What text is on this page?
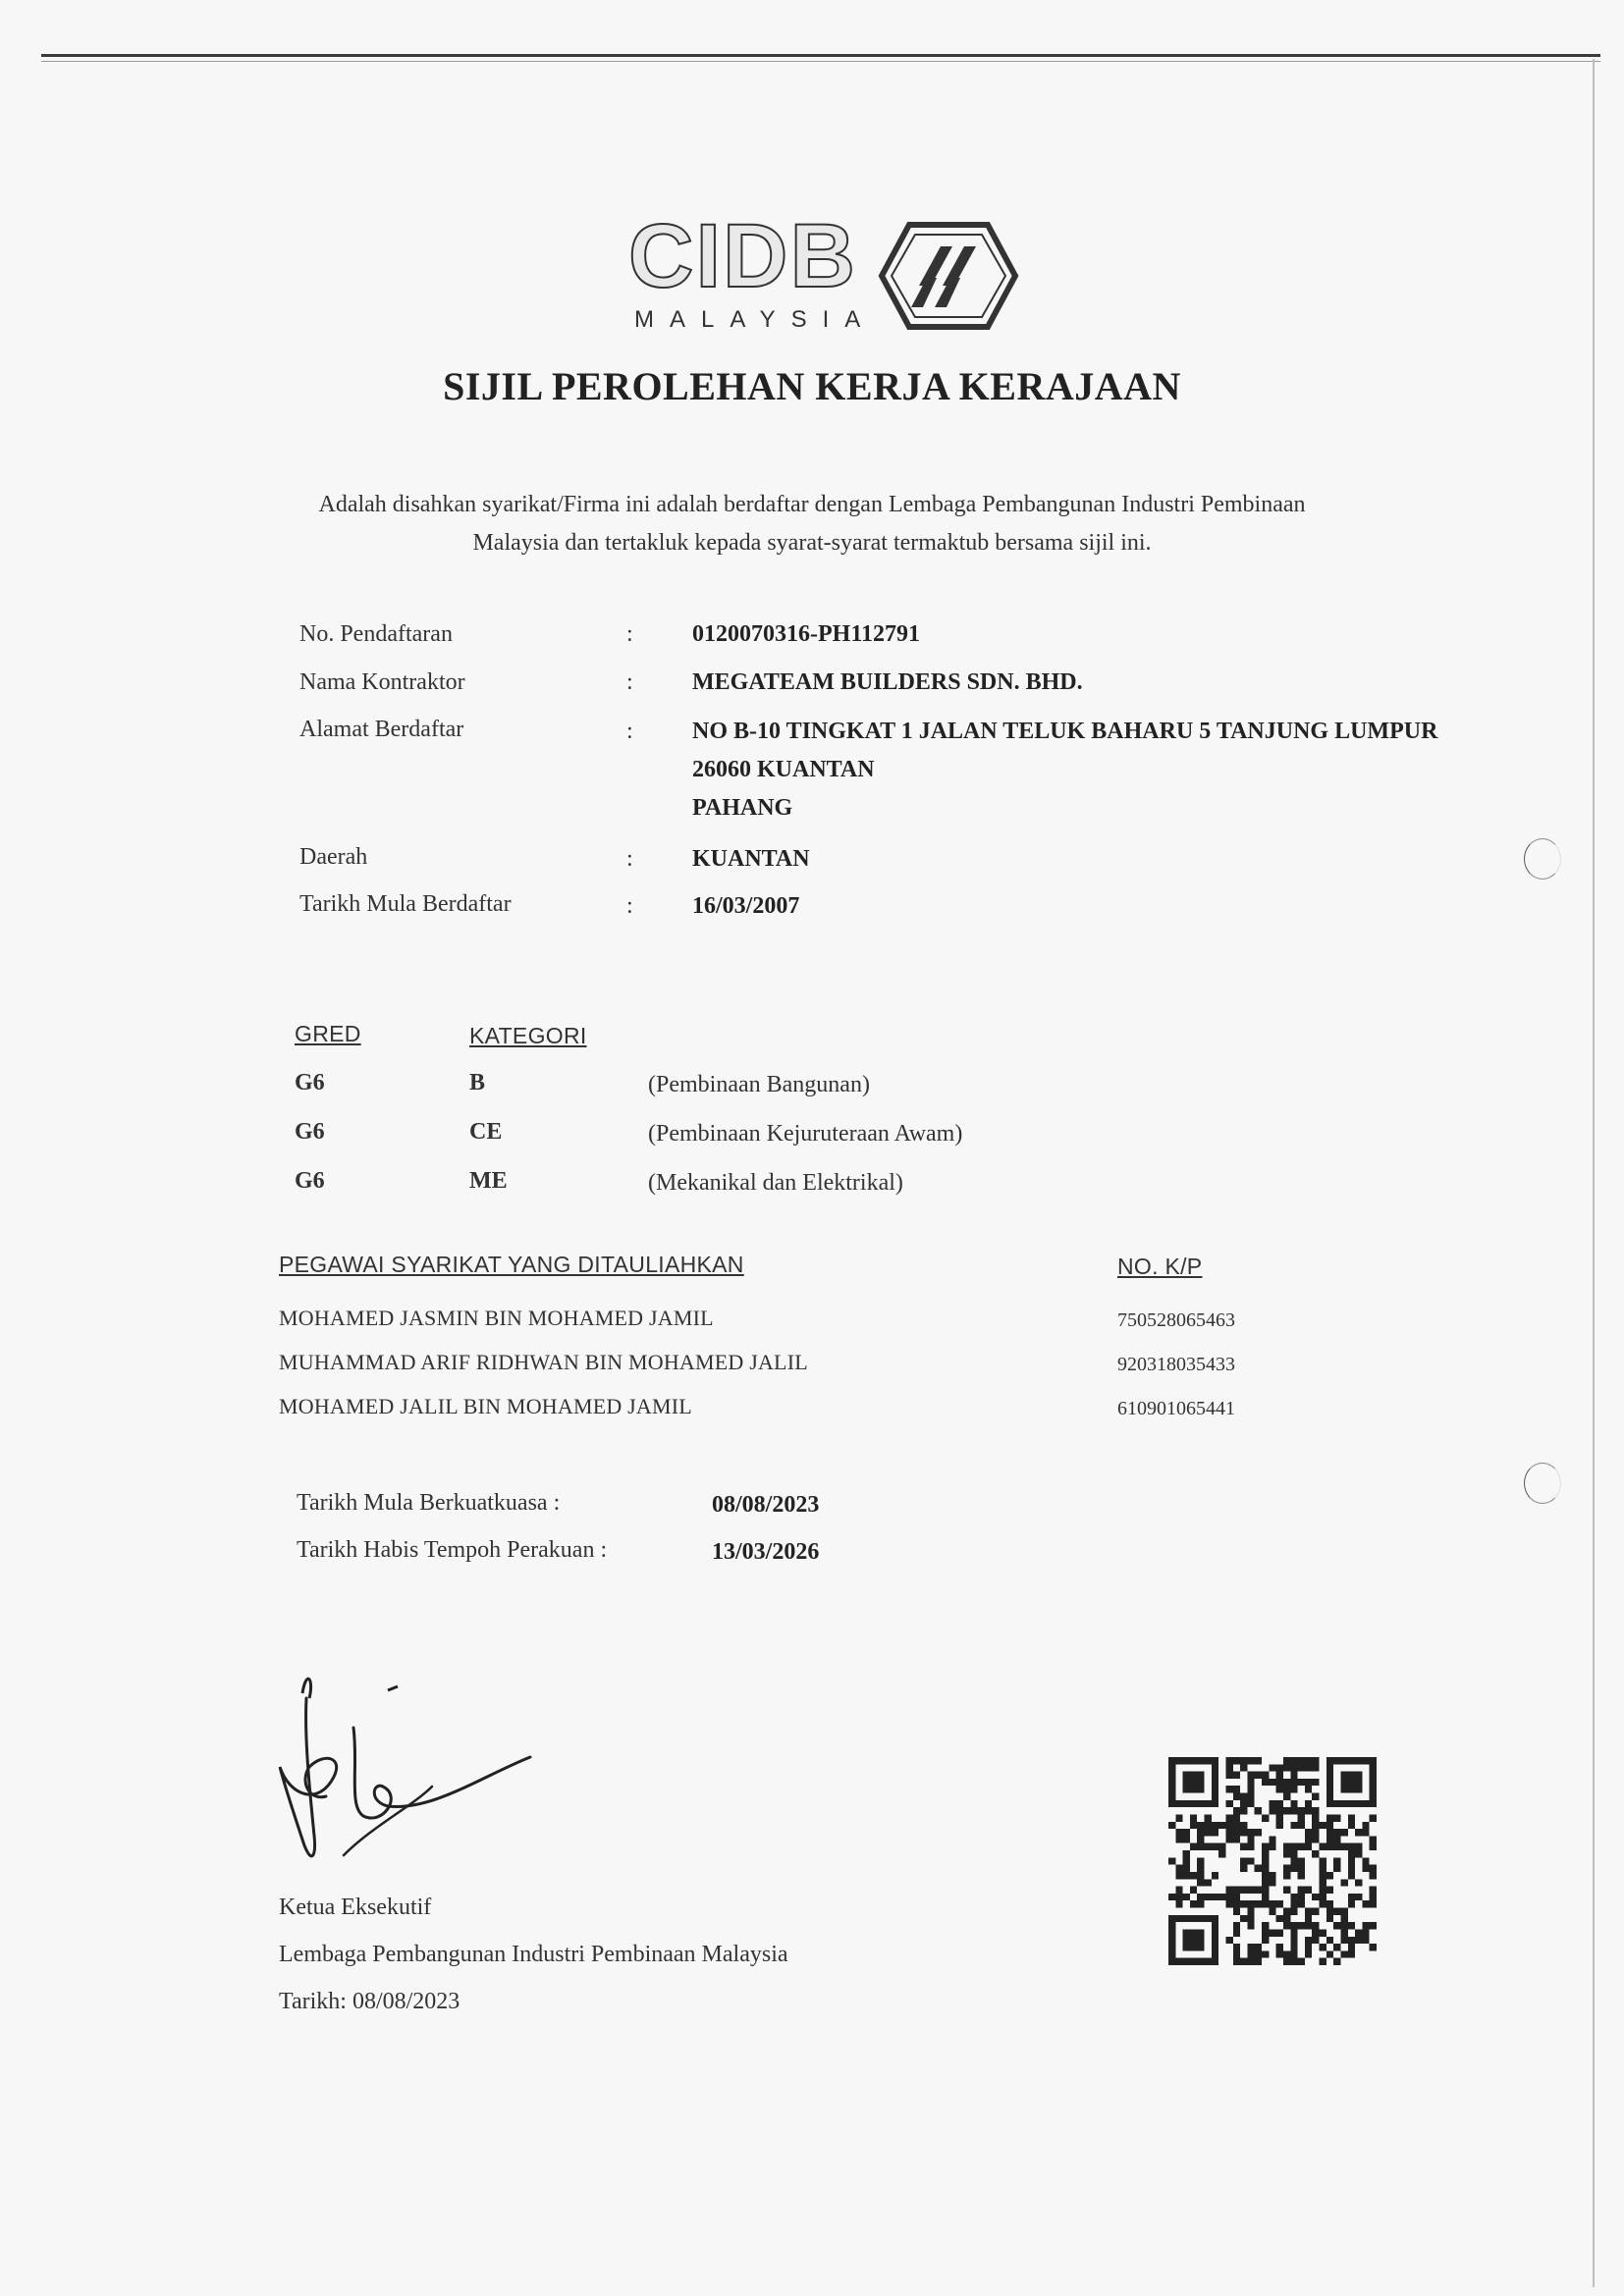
CIDB
MALAYSIA
SIJIL PEROLEHAN KERJA KERAJAAN
Adalah disahkan syarikat/Firma ini adalah berdaftar dengan Lembaga Pembangunan Industri Pembinaan
Malaysia dan tertakluk kepada syarat-syarat termaktub bersama sijil ini.
No. Pendaftaran	:	0120070316-PH112791
Nama Kontraktor	:	MEGATEAM BUILDERS SDN. BHD.
Alamat Berdaftar	:	NO B-10 TINGKAT 1 JALAN TELUK BAHARU 5 TANJUNG LUMPUR
26060 KUANTAN
PAHANG
Daerah	:	KUANTAN
Tarikh Mula Berdaftar	:	16/03/2007
GRED	KATEGORI
G6	B	(Pembinaan Bangunan)
G6	CE	(Pembinaan Kejuruteraan Awam)
G6	ME	(Mekanikal dan Elektrikal)
PEGAWAI SYARIKAT YANG DITAULIAHKAN	NO. K/P
MOHAMED JASMIN BIN MOHAMED JAMIL	750528065463
MUHAMMAD ARIF RIDHWAN BIN MOHAMED JALIL	920318035433
MOHAMED JALIL BIN MOHAMED JAMIL	610901065441
Tarikh Mula Berkuatkuasa :	08/08/2023
Tarikh Habis Tempoh Perakuan :	13/03/2026
Ketua Eksekutif
Lembaga Pembangunan Industri Pembinaan Malaysia
Tarikh: 08/08/2023
